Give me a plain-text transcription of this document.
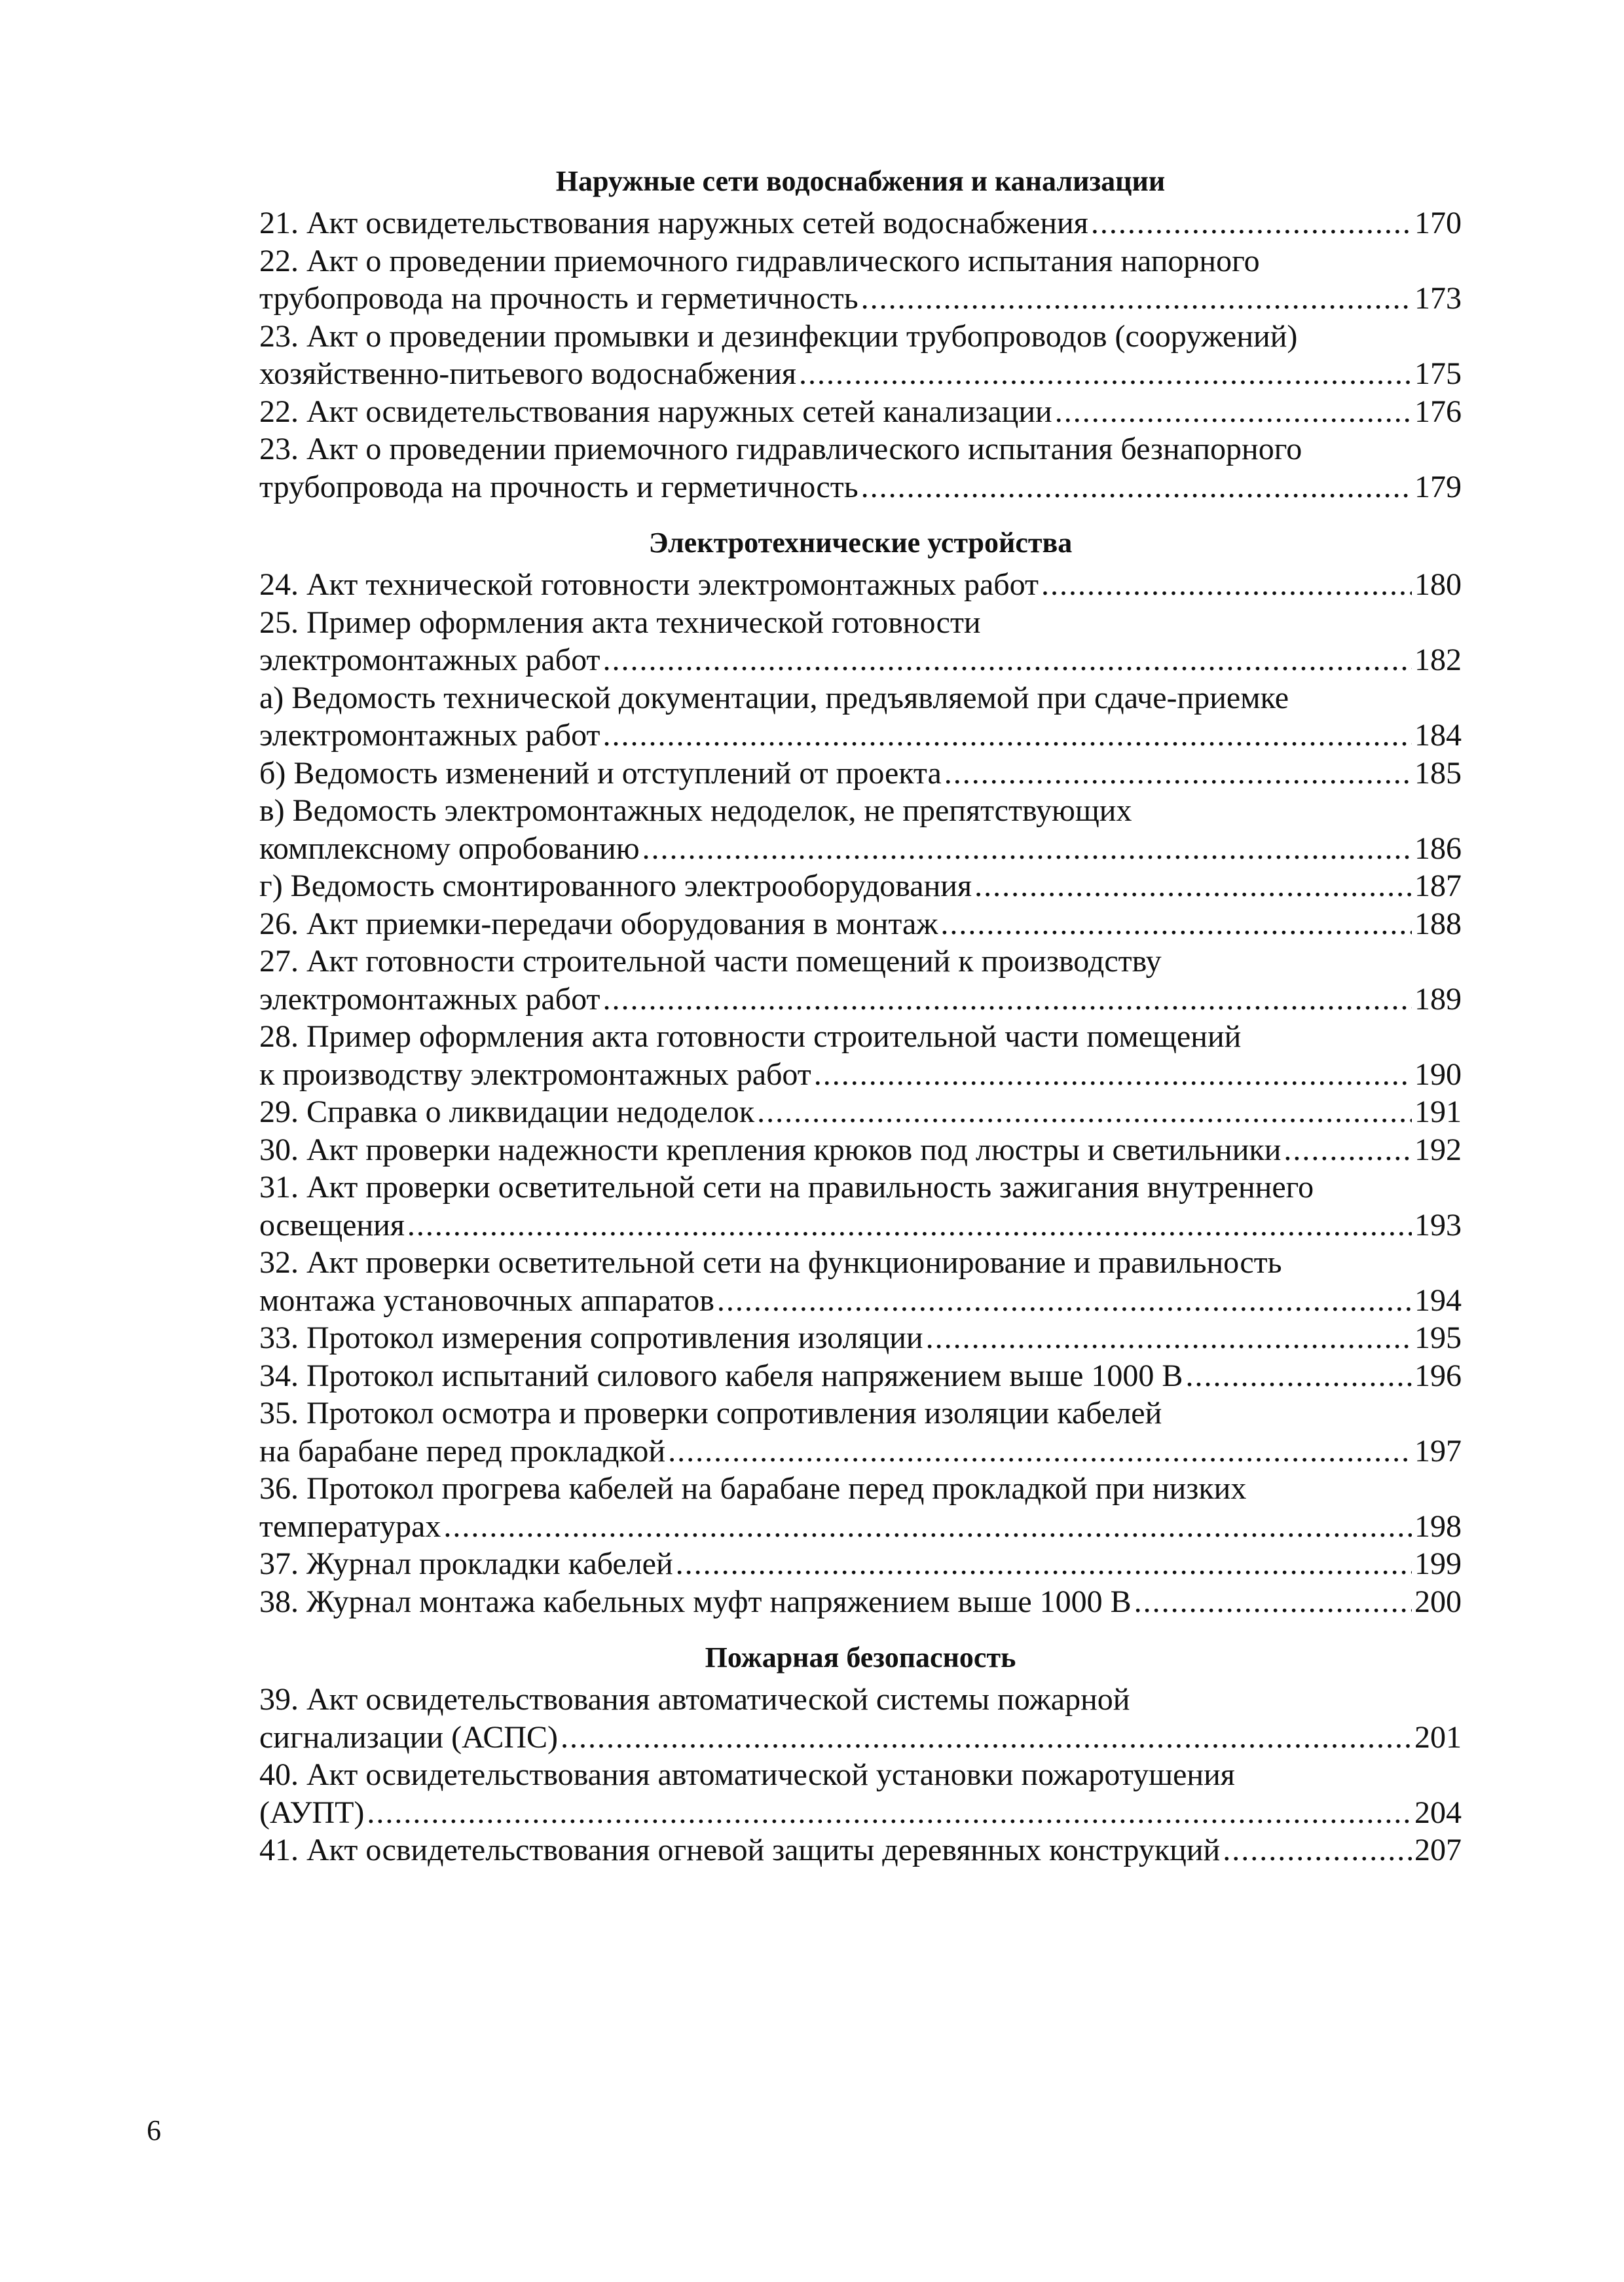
Наружные сети водоснабжения и канализации
21. Акт освидетельствования наружных сетей водоснабжения .....	170
22. Акт о проведении приемочного гидравлического испытания напорного
трубопровода на прочность и герметичность .....	173
23. Акт о проведении промывки и дезинфекции трубопроводов (сооружений)
хозяйственно-питьевого водоснабжения .....	175
22. Акт освидетельствования наружных сетей канализации .....	176
23. Акт о проведении приемочного гидравлического испытания безнапорного
трубопровода на прочность и герметичность .....	179
Электротехнические устройства
24. Акт технической готовности электромонтажных работ .....	180
25. Пример оформления акта технической готовности
электромонтажных работ .....	182
а) Ведомость технической документации, предъявляемой при сдаче-приемке
электромонтажных работ .....	184
б) Ведомость изменений и отступлений от проекта .....	185
в) Ведомость электромонтажных недоделок, не препятствующих
комплексному опробованию .....	186
г) Ведомость смонтированного электрооборудования .....	187
26. Акт приемки-передачи оборудования в монтаж .....	188
27. Акт готовности строительной части помещений к производству
электромонтажных работ .....	189
28. Пример оформления акта готовности строительной части помещений
к производству электромонтажных работ .....	190
29. Справка о ликвидации недоделок .....	191
30. Акт проверки надежности крепления крюков под люстры и светильники .....	192
31. Акт проверки осветительной сети на правильность зажигания внутреннего
освещения .....	193
32. Акт проверки осветительной сети на функционирование и правильность
монтажа установочных аппаратов .....	194
33. Протокол измерения сопротивления изоляции .....	195
34. Протокол испытаний силового кабеля напряжением выше 1000 В .....	196
35. Протокол осмотра и проверки сопротивления изоляции кабелей
на барабане перед прокладкой .....	197
36. Протокол прогрева кабелей на барабане перед прокладкой при низких
температурах .....	198
37. Журнал прокладки кабелей .....	199
38. Журнал монтажа кабельных муфт напряжением выше 1000 В .....	200
Пожарная безопасность
39. Акт освидетельствования автоматической системы пожарной
сигнализации (АСПС) .....	201
40. Акт освидетельствования автоматической установки пожаротушения
(АУПТ) .....	204
41. Акт освидетельствования огневой защиты деревянных конструкций .....	207
6
